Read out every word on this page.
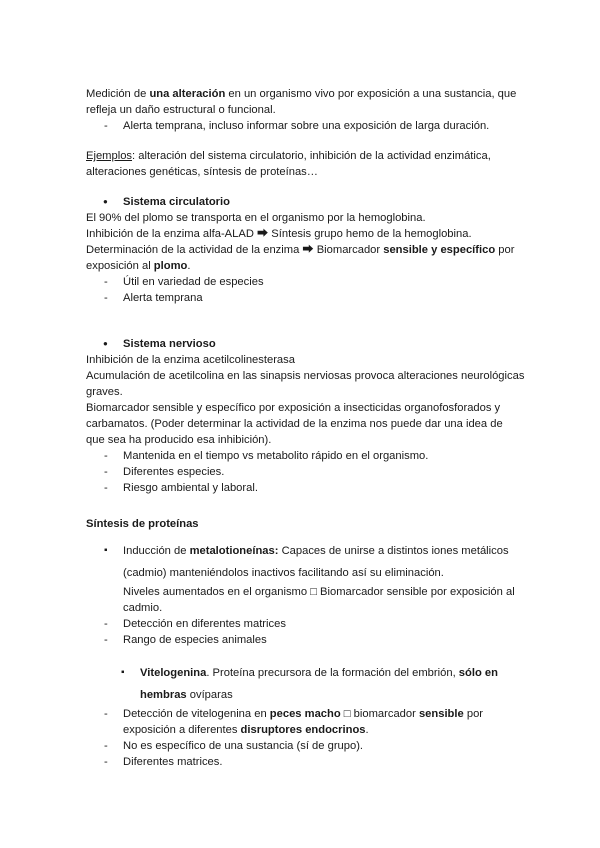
Medición de una alteración en un organismo vivo por exposición a una sustancia, que

refleja un daño estructural o funcional.

- Alerta temprana, incluso informar sobre una exposición de larga duración.

Ejemplos: alteración del sistema circulatorio, inhibición de la actividad enzimática,

alteraciones genéticas, síntesis de proteínas…

● Sistema circulatorio

El 90% del plomo se transporta en el organismo por la hemoglobina.

Inhibición de la enzima alfa-ALAD ⮕ Síntesis grupo hemo de la hemoglobina.

Determinación de la actividad de la enzima ⮕ Biomarcador sensible y específico por

exposición al plomo.

- Útil en variedad de especies

- Alerta temprana

● Sistema nervioso

Inhibición de la enzima acetilcolinesterasa

Acumulación de acetilcolina en las sinapsis nerviosas provoca alteraciones neurológicas

graves.

Biomarcador sensible y específico por exposición a insecticidas organofosforados y

carbamatos. (Poder determinar la actividad de la enzima nos puede dar una idea de

que sea ha producido esa inhibición).

- Mantenida en el tiempo vs metabolito rápido en el organismo.

- Diferentes especies.

- Riesgo ambiental y laboral.

Síntesis de proteínas

▪ Inducción de metalotioneínas: Capaces de unirse a distintos iones metálicos

(cadmio) manteniéndolos inactivos facilitando así su eliminación.

Niveles aumentados en el organismo □ Biomarcador sensible por exposición al

cadmio.

- Detección en diferentes matrices

- Rango de especies animales

▪ Vitelogenina. Proteína precursora de la formación del embrión, sólo en

hembras ovíparas

- Detección de vitelogenina en peces macho □ biomarcador sensible por

exposición a diferentes disruptores endocrinos.

- No es específico de una sustancia (sí de grupo).

- Diferentes matrices.
